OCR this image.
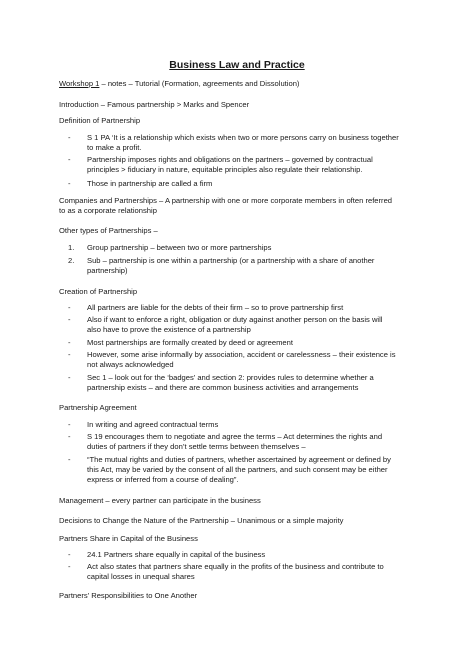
Business Law and Practice
Workshop 1 – notes – Tutorial (Formation, agreements and Dissolution)
Introduction – Famous partnership > Marks and Spencer
Definition of Partnership
-	S 1 PA ‘It is a relationship which exists when two or more persons carry on business together
to make a profit.
-	Partnership imposes rights and obligations on the partners – governed by contractual
principles > fiduciary in nature, equitable principles also regulate their relationship.
-	Those in partnership are called a firm
Companies and Partnerships – A partnership with one or more corporate members in often referred
to as a corporate relationship
Other types of Partnerships –
1.	Group partnership – between two or more partnerships
2.	Sub – partnership is one within a partnership (or a partnership with a share of another
partnership)
Creation of Partnership
-	All partners are liable for the debts of their firm – so to prove partnership first
-	Also if want to enforce a right, obligation or duty against another person on the basis will
also have to prove the existence of a partnership
-	Most partnerships are formally created by deed or agreement
-	However, some arise informally by association, accident or carelessness – their existence is
not always acknowledged
-	Sec 1 – look out for the ‘badges’ and section 2: provides rules to determine whether a
partnership exists – and there are common business activities and arrangements
Partnership Agreement
-	In writing and agreed contractual terms
-	S 19 encourages them to negotiate and agree the terms – Act determines the rights and
duties of partners if they don’t settle terms between themselves –
-	“The mutual rights and duties of partners, whether ascertained by agreement or defined by
this Act, may be varied by the consent of all the partners, and such consent may be either
express or inferred from a course of dealing”.
Management – every partner can participate in the business
Decisions to Change the Nature of the Partnership – Unanimous or a simple majority
Partners Share in Capital of the Business
-	24.1 Partners share equally in capital of the business
-	Act also states that partners share equally in the profits of the business and contribute to
capital losses in unequal shares
Partners’ Responsibilities to One Another
